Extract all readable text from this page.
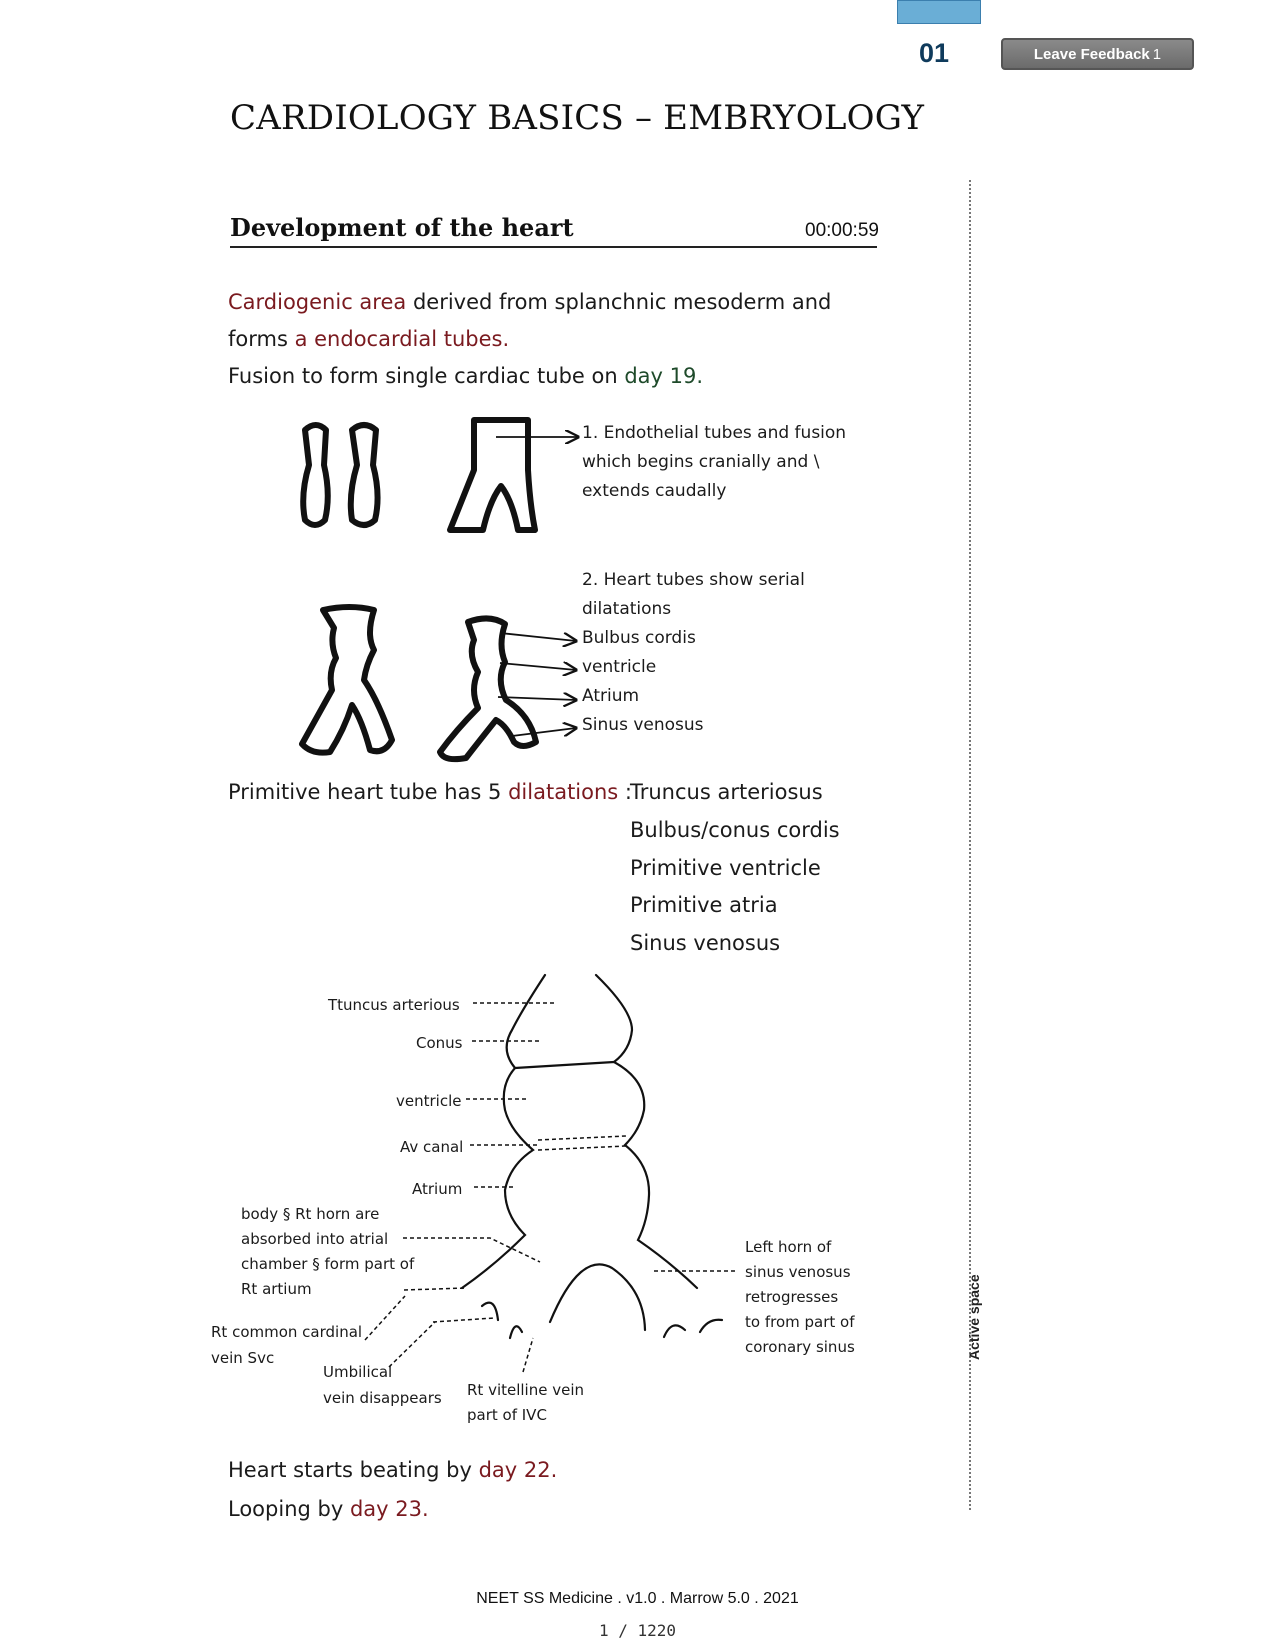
01	Leave Feedback 1
CARDIOLOGY BASICS – EMBRYOLOGY
Development of the heart	00:00:59
Cardiogenic area derived from splanchnic mesoderm and
forms a endocardial tubes.
Fusion to form single cardiac tube on day 19.
1. Endothelial tubes and fusion
which begins cranially and \
extends caudally
2. Heart tubes show serial
dilatations
Bulbus cordis
ventricle
Atrium
Sinus venosus
Primitive heart tube has 5 dilatations :
Truncus arteriosus
Bulbus/conus cordis
Primitive ventricle
Primitive atria
Sinus venosus
Ttuncus arterious
Conus
ventricle
Av canal
Atrium
body § Rt horn are
absorbed into atrial
chamber § form part of
Rt artium
Rt common cardinal
vein Svc
Umbilical
vein disappears Rt vitelline vein
part of IVC
Left horn of
sinus venosus
retrogresses
to from part of
coronary sinus
Heart starts beating by day 22.
Looping by day 23.
Active space
NEET SS Medicine . v1.0 . Marrow 5.0 . 2021
1 / 1220
